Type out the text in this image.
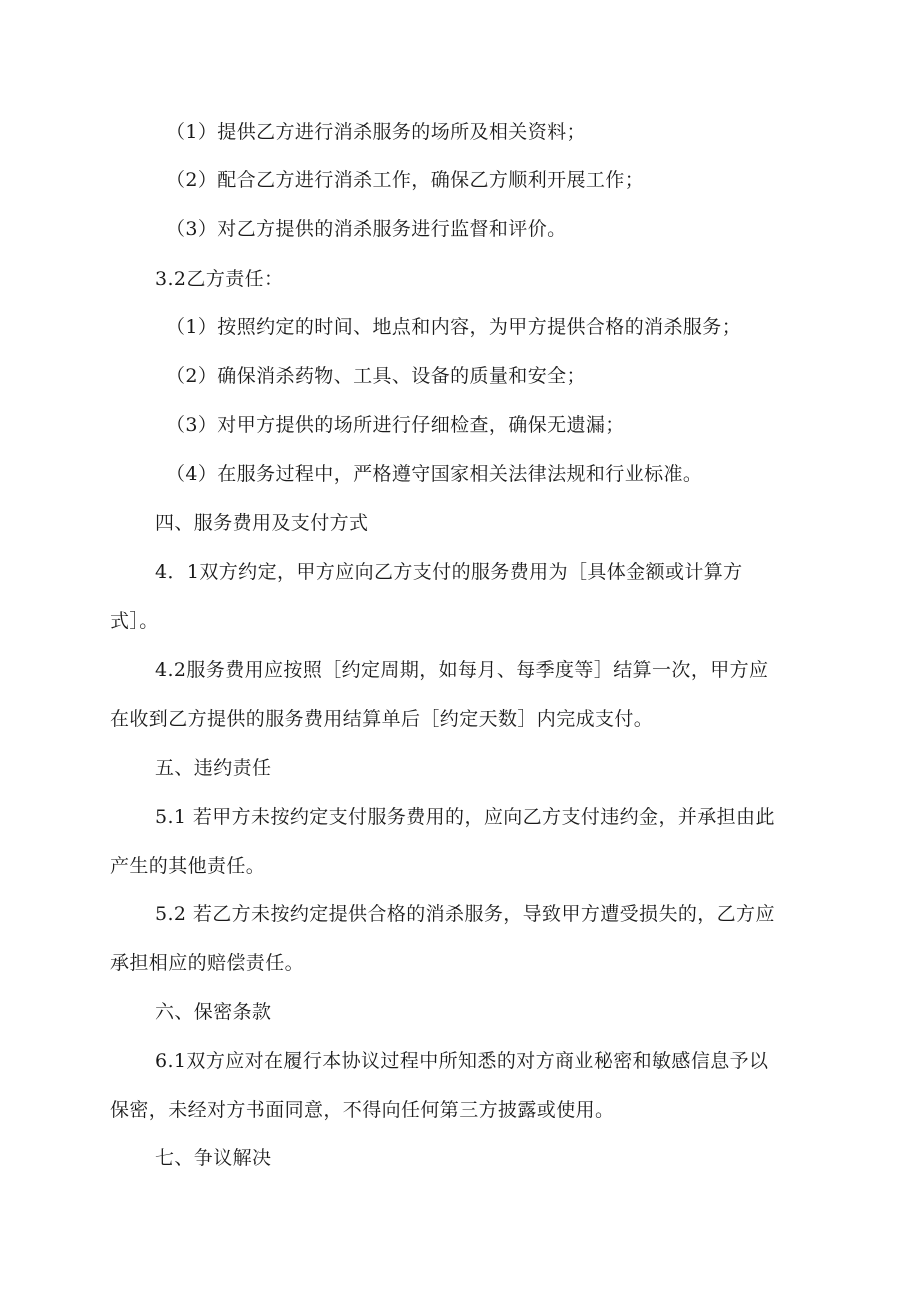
（1）提供乙方进行消杀服务的场所及相关资料；
（2）配合乙方进行消杀工作，确保乙方顺利开展工作；
（3）对乙方提供的消杀服务进行监督和评价。
3.2乙方责任：
（1）按照约定的时间、地点和内容，为甲方提供合格的消杀服务；
（2）确保消杀药物、工具、设备的质量和安全；
（3）对甲方提供的场所进行仔细检查，确保无遗漏；
（4）在服务过程中，严格遵守国家相关法律法规和行业标准。
四、服务费用及支付方式
4．1双方约定，甲方应向乙方支付的服务费用为［具体金额或计算方
式］。
4.2服务费用应按照［约定周期，如每月、每季度等］结算一次，甲方应
在收到乙方提供的服务费用结算单后［约定天数］内完成支付。
五、违约责任
5.1 若甲方未按约定支付服务费用的，应向乙方支付违约金，并承担由此
产生的其他责任。
5.2 若乙方未按约定提供合格的消杀服务，导致甲方遭受损失的，乙方应
承担相应的赔偿责任。
六、保密条款
6.1双方应对在履行本协议过程中所知悉的对方商业秘密和敏感信息予以
保密，未经对方书面同意，不得向任何第三方披露或使用。
七、争议解决
